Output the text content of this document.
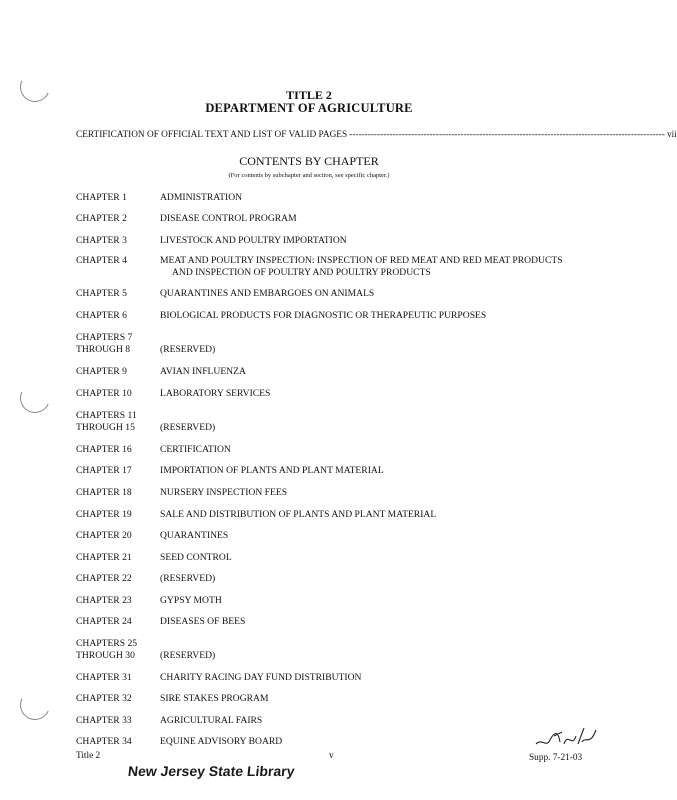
TITLE 2
DEPARTMENT OF AGRICULTURE
CERTIFICATION OF OFFICIAL TEXT AND LIST OF VALID PAGES ------------------------------------------------------------------------------------------------------ vii
CONTENTS BY CHAPTER
(For contents by subchapter and section, see specific chapter.)
CHAPTER 1	ADMINISTRATION
CHAPTER 2	DISEASE CONTROL PROGRAM
CHAPTER 3	LIVESTOCK AND POULTRY IMPORTATION
CHAPTER 4	MEAT AND POULTRY INSPECTION: INSPECTION OF RED MEAT AND RED MEAT PRODUCTS
AND INSPECTION OF POULTRY AND POULTRY PRODUCTS
CHAPTER 5	QUARANTINES AND EMBARGOES ON ANIMALS
CHAPTER 6	BIOLOGICAL PRODUCTS FOR DIAGNOSTIC OR THERAPEUTIC PURPOSES
CHAPTERS 7
THROUGH 8	(RESERVED)
CHAPTER 9	AVIAN INFLUENZA
CHAPTER 10	LABORATORY SERVICES
CHAPTERS 11
THROUGH 15	(RESERVED)
CHAPTER 16	CERTIFICATION
CHAPTER 17	IMPORTATION OF PLANTS AND PLANT MATERIAL
CHAPTER 18	NURSERY INSPECTION FEES
CHAPTER 19	SALE AND DISTRIBUTION OF PLANTS AND PLANT MATERIAL
CHAPTER 20	QUARANTINES
CHAPTER 21	SEED CONTROL
CHAPTER 22	(RESERVED)
CHAPTER 23	GYPSY MOTH
CHAPTER 24	DISEASES OF BEES
CHAPTERS 25
THROUGH 30	(RESERVED)
CHAPTER 31	CHARITY RACING DAY FUND DISTRIBUTION
CHAPTER 32	SIRE STAKES PROGRAM
CHAPTER 33	AGRICULTURAL FAIRS
CHAPTER 34	EQUINE ADVISORY BOARD
Title 2	v	Supp. 7-21-03
New Jersey State Library
